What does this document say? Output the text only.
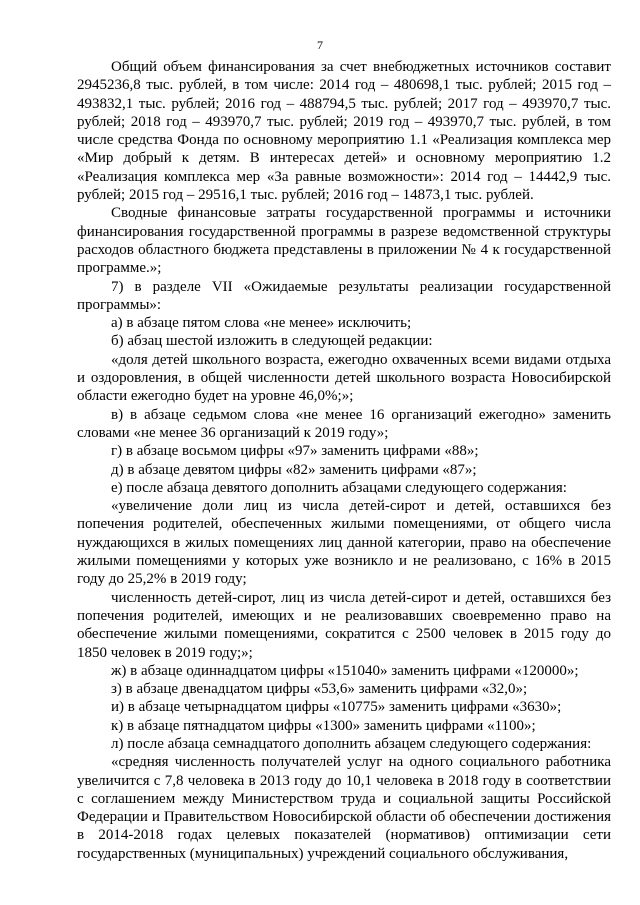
7

Общий объем финансирования за счет внебюджетных источников составит 2945236,8 тыс. рублей, в том числе: 2014 год – 480698,1 тыс. рублей; 2015 год – 493832,1 тыс. рублей; 2016 год – 488794,5 тыс. рублей; 2017 год – 493970,7 тыс. рублей; 2018 год – 493970,7 тыс. рублей; 2019 год – 493970,7 тыс. рублей, в том числе средства Фонда по основному мероприятию 1.1 «Реализация комплекса мер «Мир добрый к детям. В интересах детей» и основному мероприятию 1.2 «Реализация комплекса мер «За равные возможности»: 2014 год – 14442,9 тыс. рублей; 2015 год – 29516,1 тыс. рублей; 2016 год – 14873,1 тыс. рублей.

Сводные финансовые затраты государственной программы и источники финансирования государственной программы в разрезе ведомственной структуры расходов областного бюджета представлены в приложении № 4 к государственной программе.»;

7) в разделе VII «Ожидаемые результаты реализации государственной программы»:

а) в абзаце пятом слова «не менее» исключить;

б) абзац шестой изложить в следующей редакции:

«доля детей школьного возраста, ежегодно охваченных всеми видами отдыха и оздоровления, в общей численности детей школьного возраста Новосибирской области ежегодно будет на уровне 46,0%;»;

в) в абзаце седьмом слова «не менее 16 организаций ежегодно» заменить словами «не менее 36 организаций к 2019 году»;

г) в абзаце восьмом цифры «97» заменить цифрами «88»;

д) в абзаце девятом цифры «82» заменить цифрами «87»;

е) после абзаца девятого дополнить абзацами следующего содержания:

«увеличение доли лиц из числа детей-сирот и детей, оставшихся без попечения родителей, обеспеченных жилыми помещениями, от общего числа нуждающихся в жилых помещениях лиц данной категории, право на обеспечение жилыми помещениями у которых уже возникло и не реализовано, с 16% в 2015 году до 25,2% в 2019 году;

численность детей-сирот, лиц из числа детей-сирот и детей, оставшихся без попечения родителей, имеющих и не реализовавших своевременно право на обеспечение жилыми помещениями, сократится с 2500 человек в 2015 году до 1850 человек в 2019 году;»;

ж) в абзаце одиннадцатом цифры «151040» заменить цифрами «120000»;

з) в абзаце двенадцатом цифры «53,6» заменить цифрами «32,0»;

и) в абзаце четырнадцатом цифры «10775» заменить цифрами «3630»;

к) в абзаце пятнадцатом цифры «1300» заменить цифрами «1100»;

л) после абзаца семнадцатого дополнить абзацем следующего содержания:

«средняя численность получателей услуг на одного социального работника увеличится с 7,8 человека в 2013 году до 10,1 человека в 2018 году в соответствии с соглашением между Министерством труда и социальной защиты Российской Федерации и Правительством Новосибирской области об обеспечении достижения в 2014-2018 годах целевых показателей (нормативов) оптимизации сети государственных (муниципальных) учреждений социального обслуживания,
